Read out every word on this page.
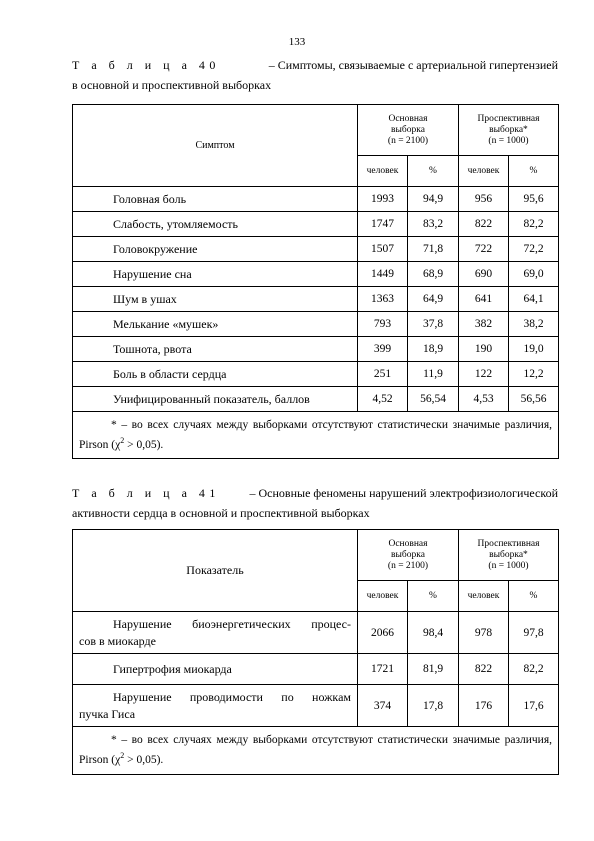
133
Т а б л и ц а 40	– Симптомы, связываемые с артериальной гипертензией
в основной и проспективной выборках
Симптом	Основная
выборка
(n = 2100)		Проспективная
выборка*
(n = 1000)	
	человек	%	человек	%
Головная боль	1993	94,9	956	95,6
Слабость, утомляемость	1747	83,2	822	82,2
Головокружение	1507	71,8	722	72,2
Нарушение сна	1449	68,9	690	69,0
Шум в ушах	1363	64,9	641	64,1
Мелькание «мушек»	793	37,8	382	38,2
Тошнота, рвота	399	18,9	190	19,0
Боль в области сердца	251	11,9	122	12,2
Унифицированный показатель, баллов	4,52	56,54	4,53	56,56
* – во всех случаях между выборками отсутствуют статистически значимые различия, Pirson $(\chi^2 > 0,05)$.				
Т а б л и ц а 41 – Основные феномены нарушений электрофизиологической
активности сердца в основной и проспективной выборках
Показатель	Основная
выборка
(n = 2100)		Проспективная
выборка*
(n = 1000)	
	человек	%	человек	%

Нарушение биоэнергетических процес-
сов в миокарде	2066	98,4	978	97,8

Гипертрофия миокарда	1721	81,9	822	82,2

Нарушение проводимости по ножкам
пучка Гиса	374	17,8	176	17,6
* – во всех случаях между выборками отсутствуют статистически значимые различия, Pirson $(\chi^2 > 0,05)$.				
